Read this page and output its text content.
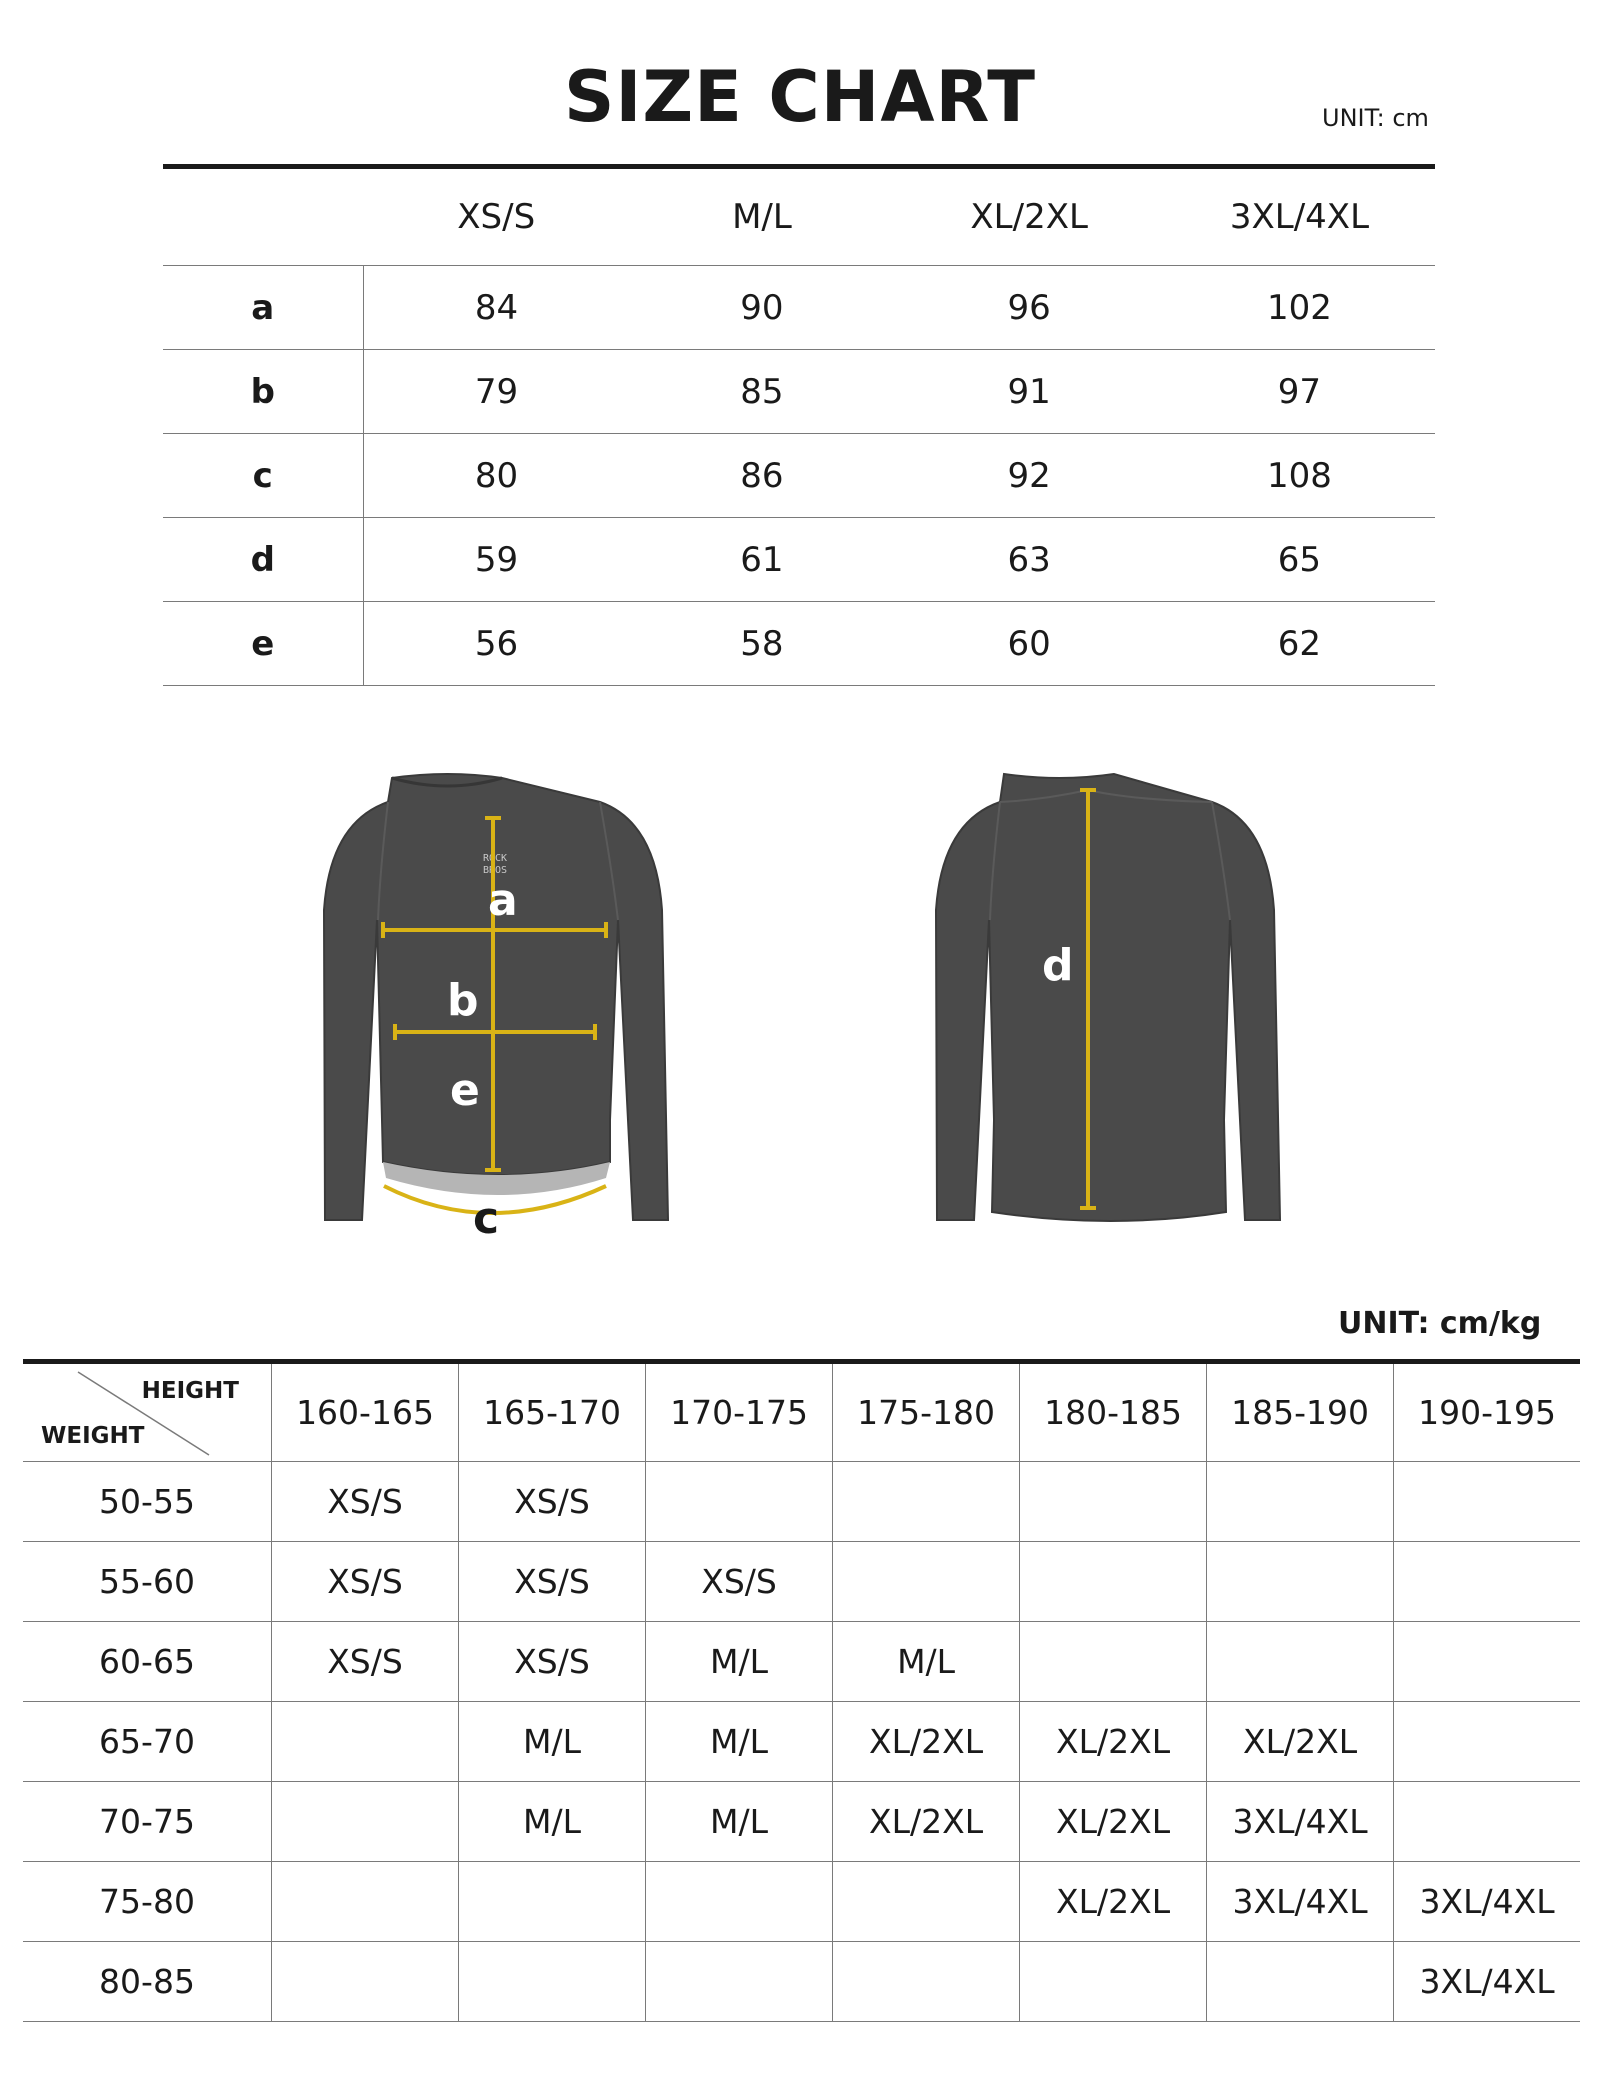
SIZE CHART	UNIT: cm
	XS/S	M/L	XL/2XL	3XL/4XL
a	84	90	96	102
b	79	85	91	97
c	80	86	92	108
d	59	61	63	65
e	56	58	60	62
ROCK
BROS
a
b
e
c
d
UNIT: cm/kg
HEIGHT
WEIGHT	160-165	165-170	170-175	175-180	180-185	185-190	190-195
50-55	XS/S	XS/S					
55-60	XS/S	XS/S	XS/S				
60-65	XS/S	XS/S	M/L	M/L			
65-70		M/L	M/L	XL/2XL	XL/2XL	XL/2XL	
70-75		M/L	M/L	XL/2XL	XL/2XL	3XL/4XL	
75-80					XL/2XL	3XL/4XL	3XL/4XL
80-85							3XL/4XL
